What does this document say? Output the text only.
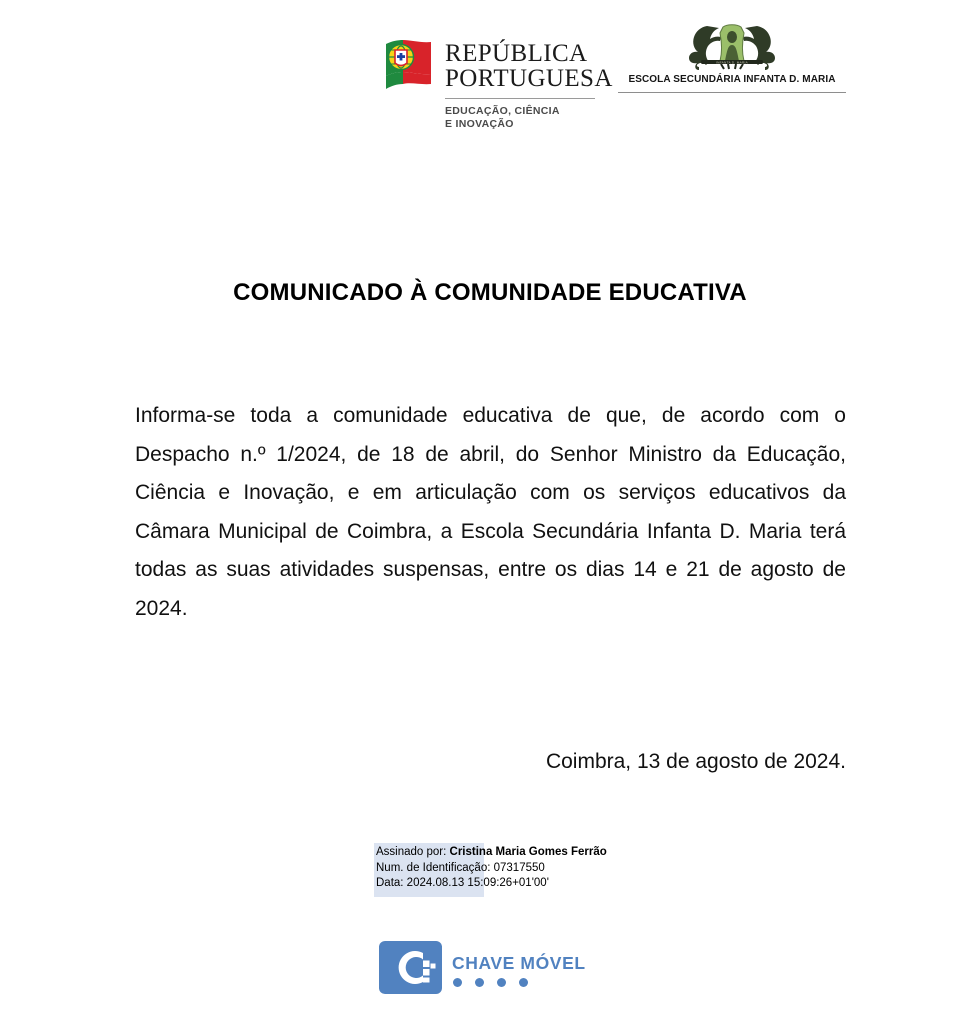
REPÚBLICA
PORTUGUESA
EDUCAÇÃO, CIÊNCIA
E INOVAÇÃO
INFANTA D. MARIA
ESCOLA SECUNDÁRIA INFANTA D. MARIA
COMUNICADO À COMUNIDADE EDUCATIVA

Informa-se toda a comunidade educativa de que, de acordo com o Despacho n.º 1/2024, de 18 de abril, do Senhor Ministro da Educação, Ciência e Inovação, e em articulação com os serviços educativos da Câmara Municipal de Coimbra, a Escola Secundária Infanta D. Maria terá todas as suas atividades suspensas, entre os dias 14 e 21 de agosto de 2024.

Coimbra, 13 de agosto de 2024.
Assinado por: Cristina Maria Gomes Ferrão
Num. de Identificação: 07317550
Data: 2024.08.13 15:09:26+01'00'
CHAVE MÓVEL
